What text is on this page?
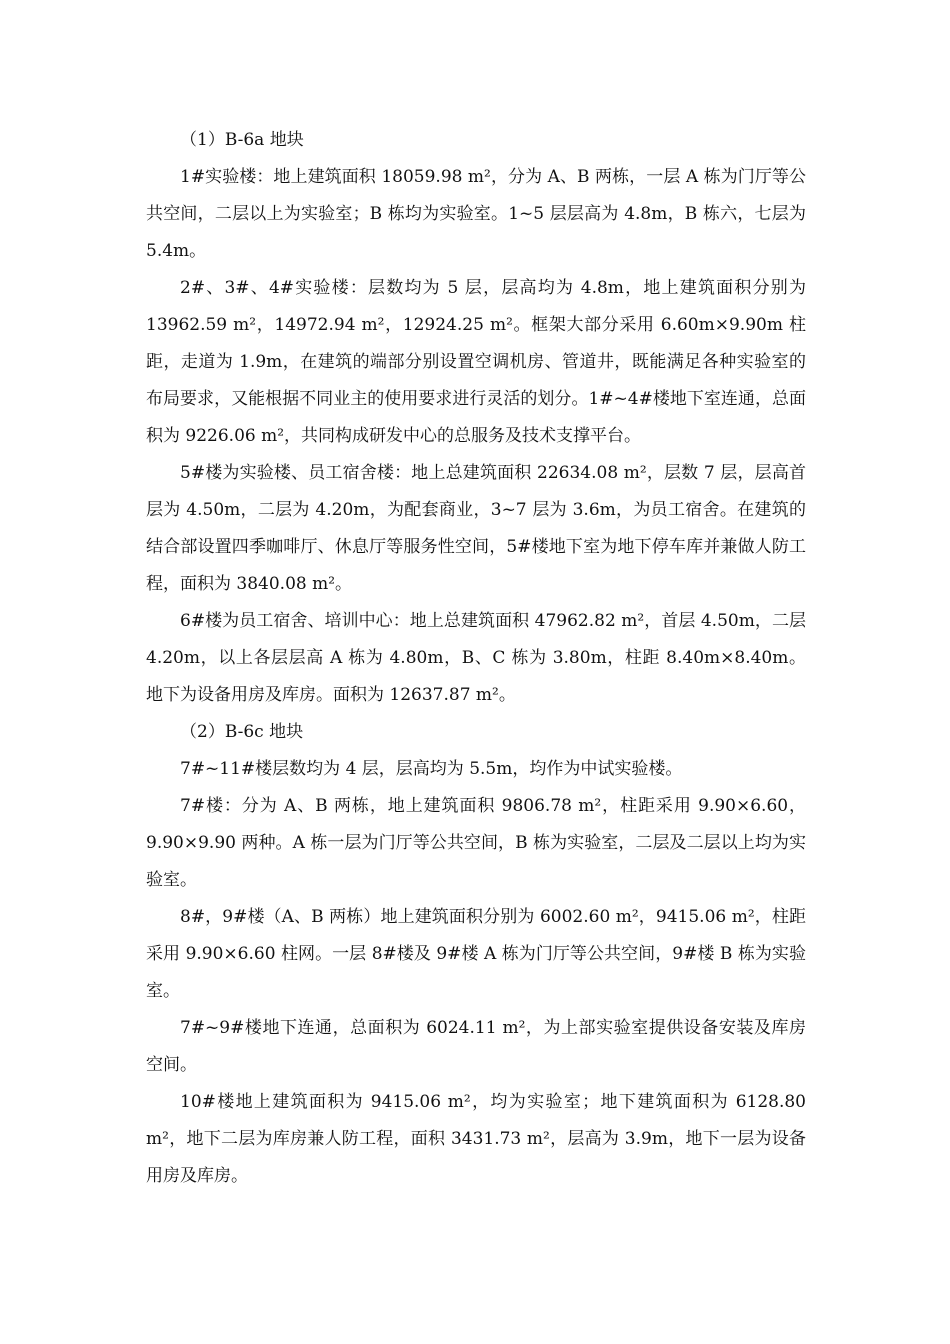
（1）B-6a 地块

1#实验楼：地上建筑面积 18059.98 m²，分为 A、B 两栋，一层 A 栋为门厅等公共空间，二层以上为实验室；B 栋均为实验室。1~5 层层高为 4.8m，B 栋六，七层为 5.4m。

2#、3#、4#实验楼：层数均为 5 层，层高均为 4.8m，地上建筑面积分别为 13962.59 m²，14972.94 m²，12924.25 m²。框架大部分采用 6.60m×9.90m 柱距，走道为 1.9m，在建筑的端部分别设置空调机房、管道井，既能满足各种实验室的布局要求，又能根据不同业主的使用要求进行灵活的划分。1#~4#楼地下室连通，总面积为 9226.06 m²，共同构成研发中心的总服务及技术支撑平台。

5#楼为实验楼、员工宿舍楼：地上总建筑面积 22634.08 m²，层数 7 层，层高首层为 4.50m，二层为 4.20m，为配套商业，3~7 层为 3.6m，为员工宿舍。在建筑的结合部设置四季咖啡厅、休息厅等服务性空间，5#楼地下室为地下停车库并兼做人防工程，面积为 3840.08 m²。

6#楼为员工宿舍、培训中心：地上总建筑面积 47962.82 m²，首层 4.50m，二层 4.20m，以上各层层高 A 栋为 4.80m，B、C 栋为 3.80m，柱距 8.40m×8.40m。地下为设备用房及库房。面积为 12637.87 m²。

（2）B-6c 地块

7#~11#楼层数均为 4 层，层高均为 5.5m，均作为中试实验楼。

7#楼：分为 A、B 两栋，地上建筑面积 9806.78 m²，柱距采用 9.90×6.60，9.90×9.90 两种。A 栋一层为门厅等公共空间，B 栋为实验室，二层及二层以上均为实验室。

8#，9#楼（A、B 两栋）地上建筑面积分别为 6002.60 m²，9415.06 m²，柱距采用 9.90×6.60 柱网。一层 8#楼及 9#楼 A 栋为门厅等公共空间，9#楼 B 栋为实验室。

7#~9#楼地下连通，总面积为 6024.11 m²，为上部实验室提供设备安装及库房空间。

10#楼地上建筑面积为 9415.06 m²，均为实验室；地下建筑面积为 6128.80 m²，地下二层为库房兼人防工程，面积 3431.73 m²，层高为 3.9m，地下一层为设备用房及库房。
